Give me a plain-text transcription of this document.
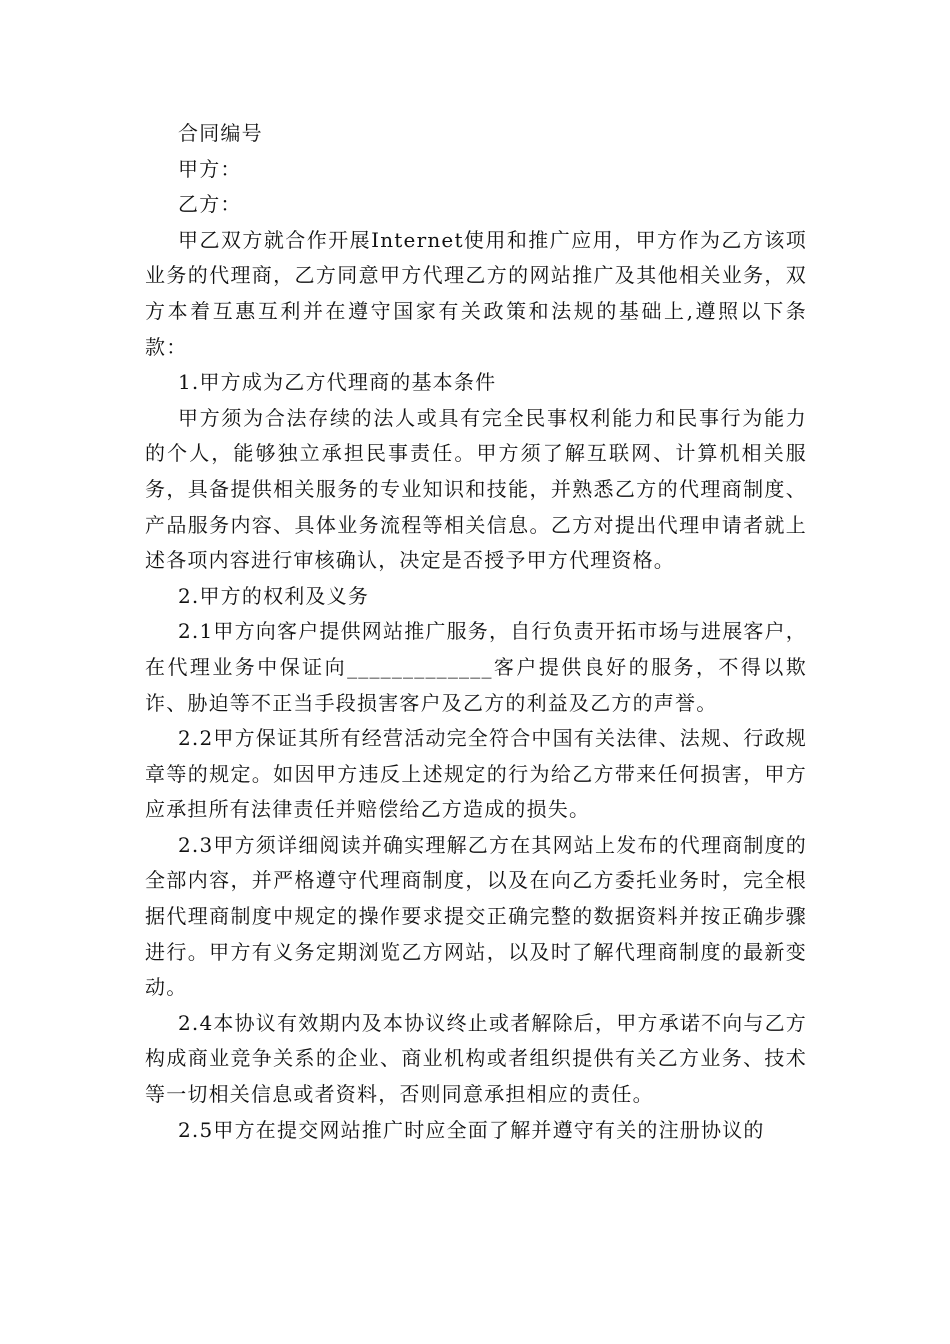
合同编号

甲方：

乙方：

甲乙双方就合作开展Internet使用和推广应用，甲方作为乙方该项业务的代理商，乙方同意甲方代理乙方的网站推广及其他相关业务，双方本着互惠互利并在遵守国家有关政策和法规的基础上,遵照以下条款：

1.甲方成为乙方代理商的基本条件

甲方须为合法存续的法人或具有完全民事权利能力和民事行为能力的个人，能够独立承担民事责任。甲方须了解互联网、计算机相关服务，具备提供相关服务的专业知识和技能，并熟悉乙方的代理商制度、产品服务内容、具体业务流程等相关信息。乙方对提出代理申请者就上述各项内容进行审核确认，决定是否授予甲方代理资格。

2.甲方的权利及义务

2.1甲方向客户提供网站推广服务，自行负责开拓市场与进展客户，在代理业务中保证向_____________客户提供良好的服务，不得以欺诈、胁迫等不正当手段损害客户及乙方的利益及乙方的声誉。

2.2甲方保证其所有经营活动完全符合中国有关法律、法规、行政规章等的规定。如因甲方违反上述规定的行为给乙方带来任何损害，甲方应承担所有法律责任并赔偿给乙方造成的损失。

2.3甲方须详细阅读并确实理解乙方在其网站上发布的代理商制度的全部内容，并严格遵守代理商制度，以及在向乙方委托业务时，完全根据代理商制度中规定的操作要求提交正确完整的数据资料并按正确步骤进行。甲方有义务定期浏览乙方网站，以及时了解代理商制度的最新变动。

2.4本协议有效期内及本协议终止或者解除后，甲方承诺不向与乙方构成商业竞争关系的企业、商业机构或者组织提供有关乙方业务、技术等一切相关信息或者资料，否则同意承担相应的责任。

2.5甲方在提交网站推广时应全面了解并遵守有关的注册协议的
